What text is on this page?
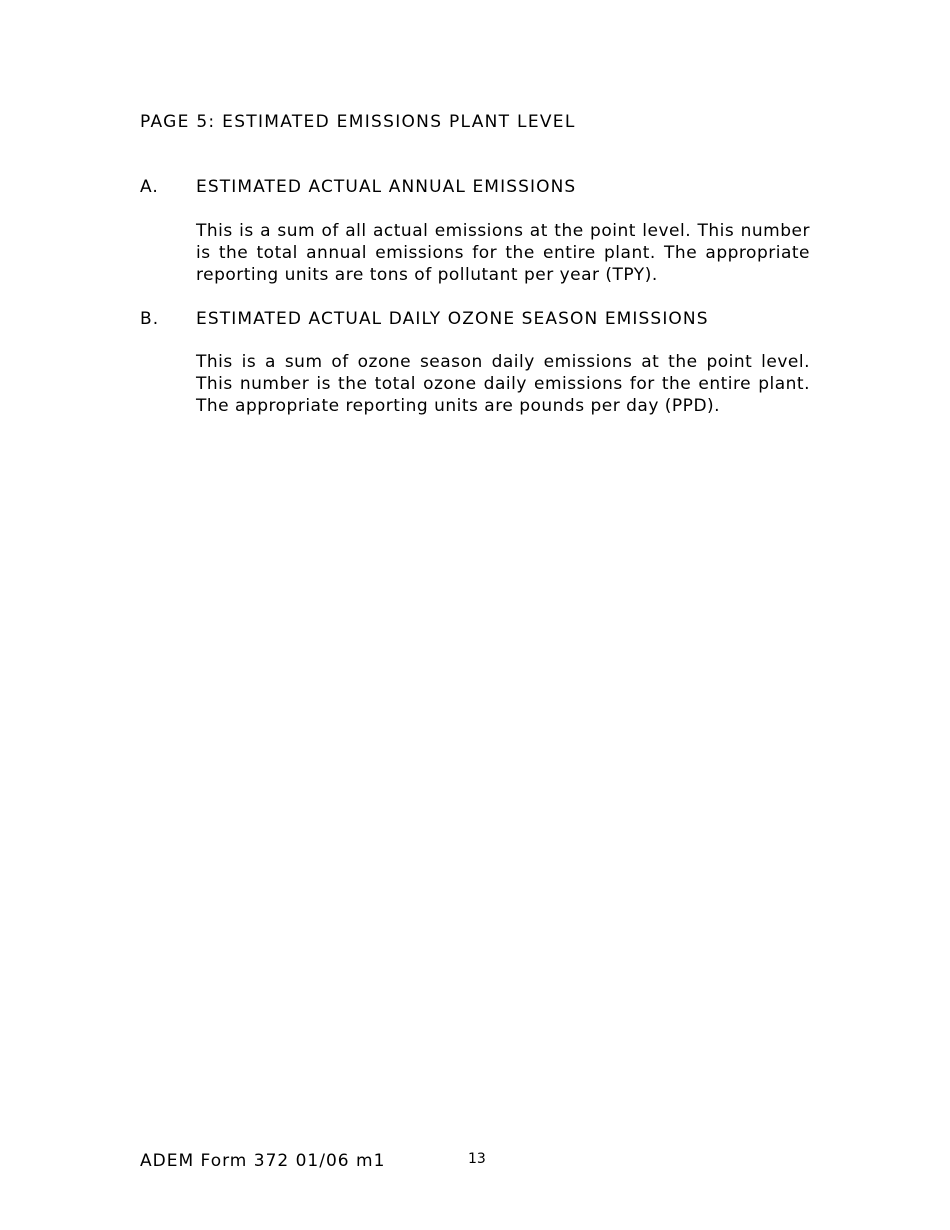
PAGE 5: ESTIMATED EMISSIONS PLANT LEVEL
A. ESTIMATED ACTUAL ANNUAL EMISSIONS
This is a sum of all actual emissions at the point level. This number is the total annual emissions for the entire plant. The appropriate reporting units are tons of pollutant per year (TPY).
B. ESTIMATED ACTUAL DAILY OZONE SEASON EMISSIONS
This is a sum of ozone season daily emissions at the point level. This number is the total ozone daily emissions for the entire plant. The appropriate reporting units are pounds per day (PPD).
ADEM Form 372 01/06 m1	13
